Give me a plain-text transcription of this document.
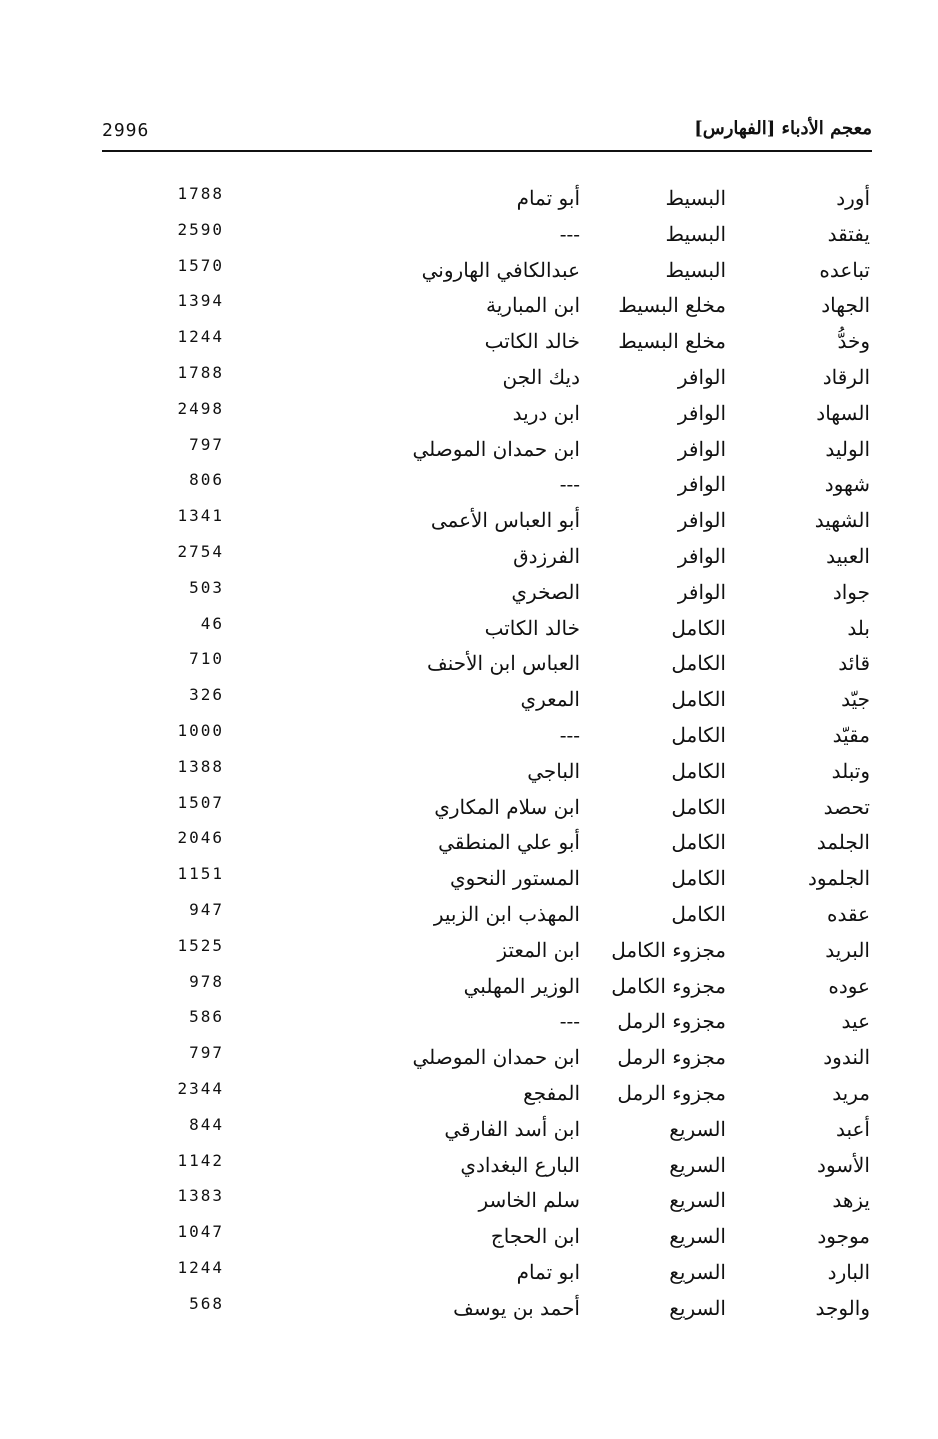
2996	معجم الأدباء [الفهارس]
أورد
البسيط
أبو تمام
1788
يفتقد
البسيط
---
2590
تباعده
البسيط
عبدالكافي الهاروني
1570
الجهاد
مخلع البسيط
ابن المبارية
1394
وخدُّ
مخلع البسيط
خالد الكاتب
1244
الرقاد
الوافر
ديك الجن
1788
السهاد
الوافر
ابن دريد
2498
الوليد
الوافر
ابن حمدان الموصلي
797
شهود
الوافر
---
806
الشهيد
الوافر
أبو العباس الأعمى
1341
العبيد
الوافر
الفرزدق
2754
جواد
الوافر
الصخري
503
بلد
الكامل
خالد الكاتب
46
قائد
الكامل
العباس ابن الأحنف
710
جيّد
الكامل
المعري
326
مقيّد
الكامل
---
1000
وتبلد
الكامل
الباجي
1388
تحصد
الكامل
ابن سلام المكاري
1507
الجلمد
الكامل
أبو علي المنطقي
2046
الجلمود
الكامل
المستور النحوي
1151
عقده
الكامل
المهذب ابن الزبير
947
البريد
مجزوء الكامل
ابن المعتز
1525
عوده
مجزوء الكامل
الوزير المهلبي
978
عيد
مجزوء الرمل
---
586
الندود
مجزوء الرمل
ابن حمدان الموصلي
797
مريد
مجزوء الرمل
المفجع
2344
أعبد
السريع
ابن أسد الفارقي
844
الأسود
السريع
البارع البغدادي
1142
يزهد
السريع
سلم الخاسر
1383
موجود
السريع
ابن الحجاج
1047
البارد
السريع
ابو تمام
1244
والوجد
السريع
أحمد بن يوسف
568
